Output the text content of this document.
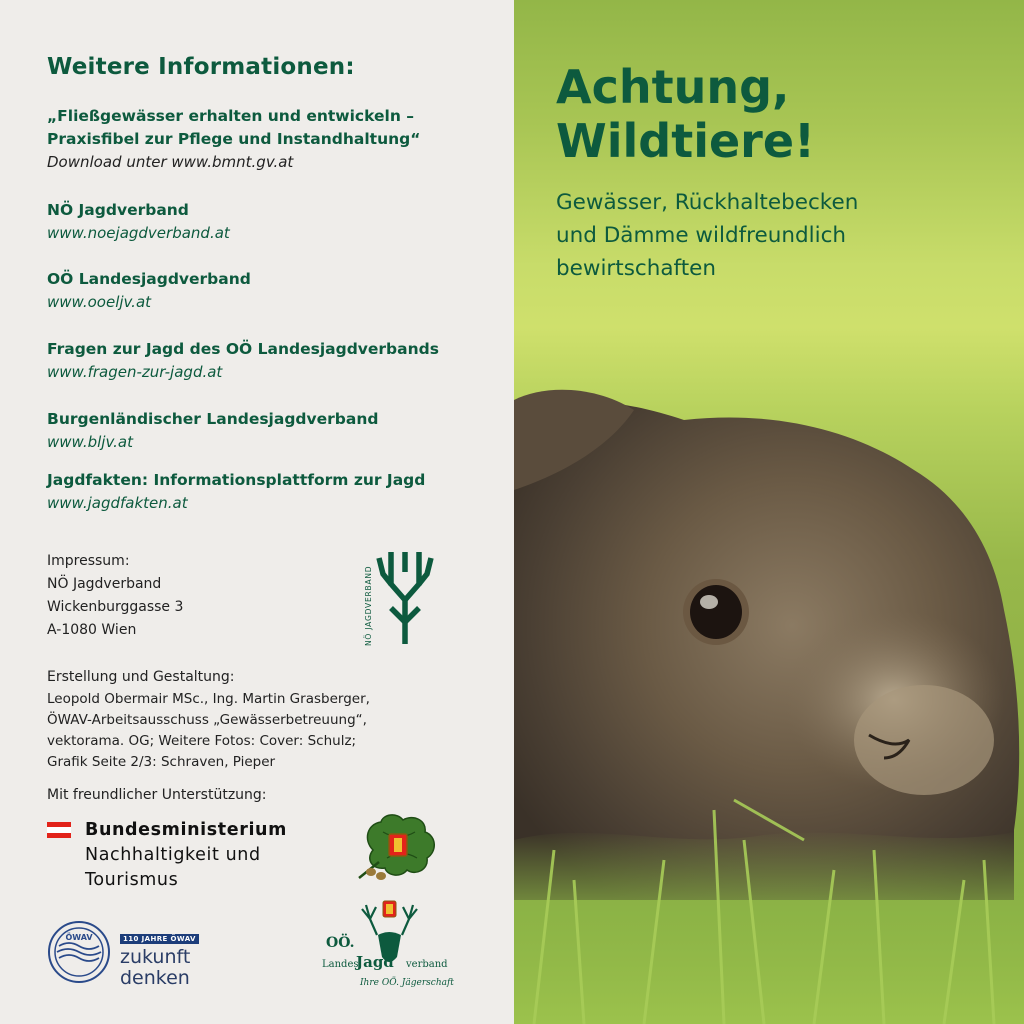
Weitere Informationen:
„Fließgewässer erhalten und entwickeln –
Praxisfibel zur Pflege und Instandhaltung“
Download unter www.bmnt.gv.at
NÖ Jagdverband
www.noejagdverband.at
OÖ Landesjagdverband
www.ooeljv.at
Fragen zur Jagd des OÖ Landesjagdverbands
www.fragen-zur-jagd.at
Burgenländischer Landesjagdverband
www.bljv.at
Jagdfakten: Informationsplattform zur Jagd
www.jagdfakten.at
Impressum:
NÖ Jagdverband
Wickenburggasse 3
A-1080 Wien	NÖ JAGDVERBAND
Erstellung und Gestaltung:
Leopold Obermair MSc., Ing. Martin Grasberger,
ÖWAV-Arbeitsausschuss „Gewässerbetreuung“,
vektorama. OG; Weitere Fotos: Cover: Schulz;
Grafik Seite 2/3: Schraven, Pieper
Mit freundlicher Unterstützung:
Bundesministerium
Nachhaltigkeit und
Tourismus
ÖWAV	110 JAHRE ÖWAV
zukunft
denken
OÖ.
Landes
Jagd verband
Ihre OÖ. Jägerschaft
Achtung,
Wildtiere!
Gewässer, Rückhaltebecken
und Dämme wildfreundlich
bewirtschaften
